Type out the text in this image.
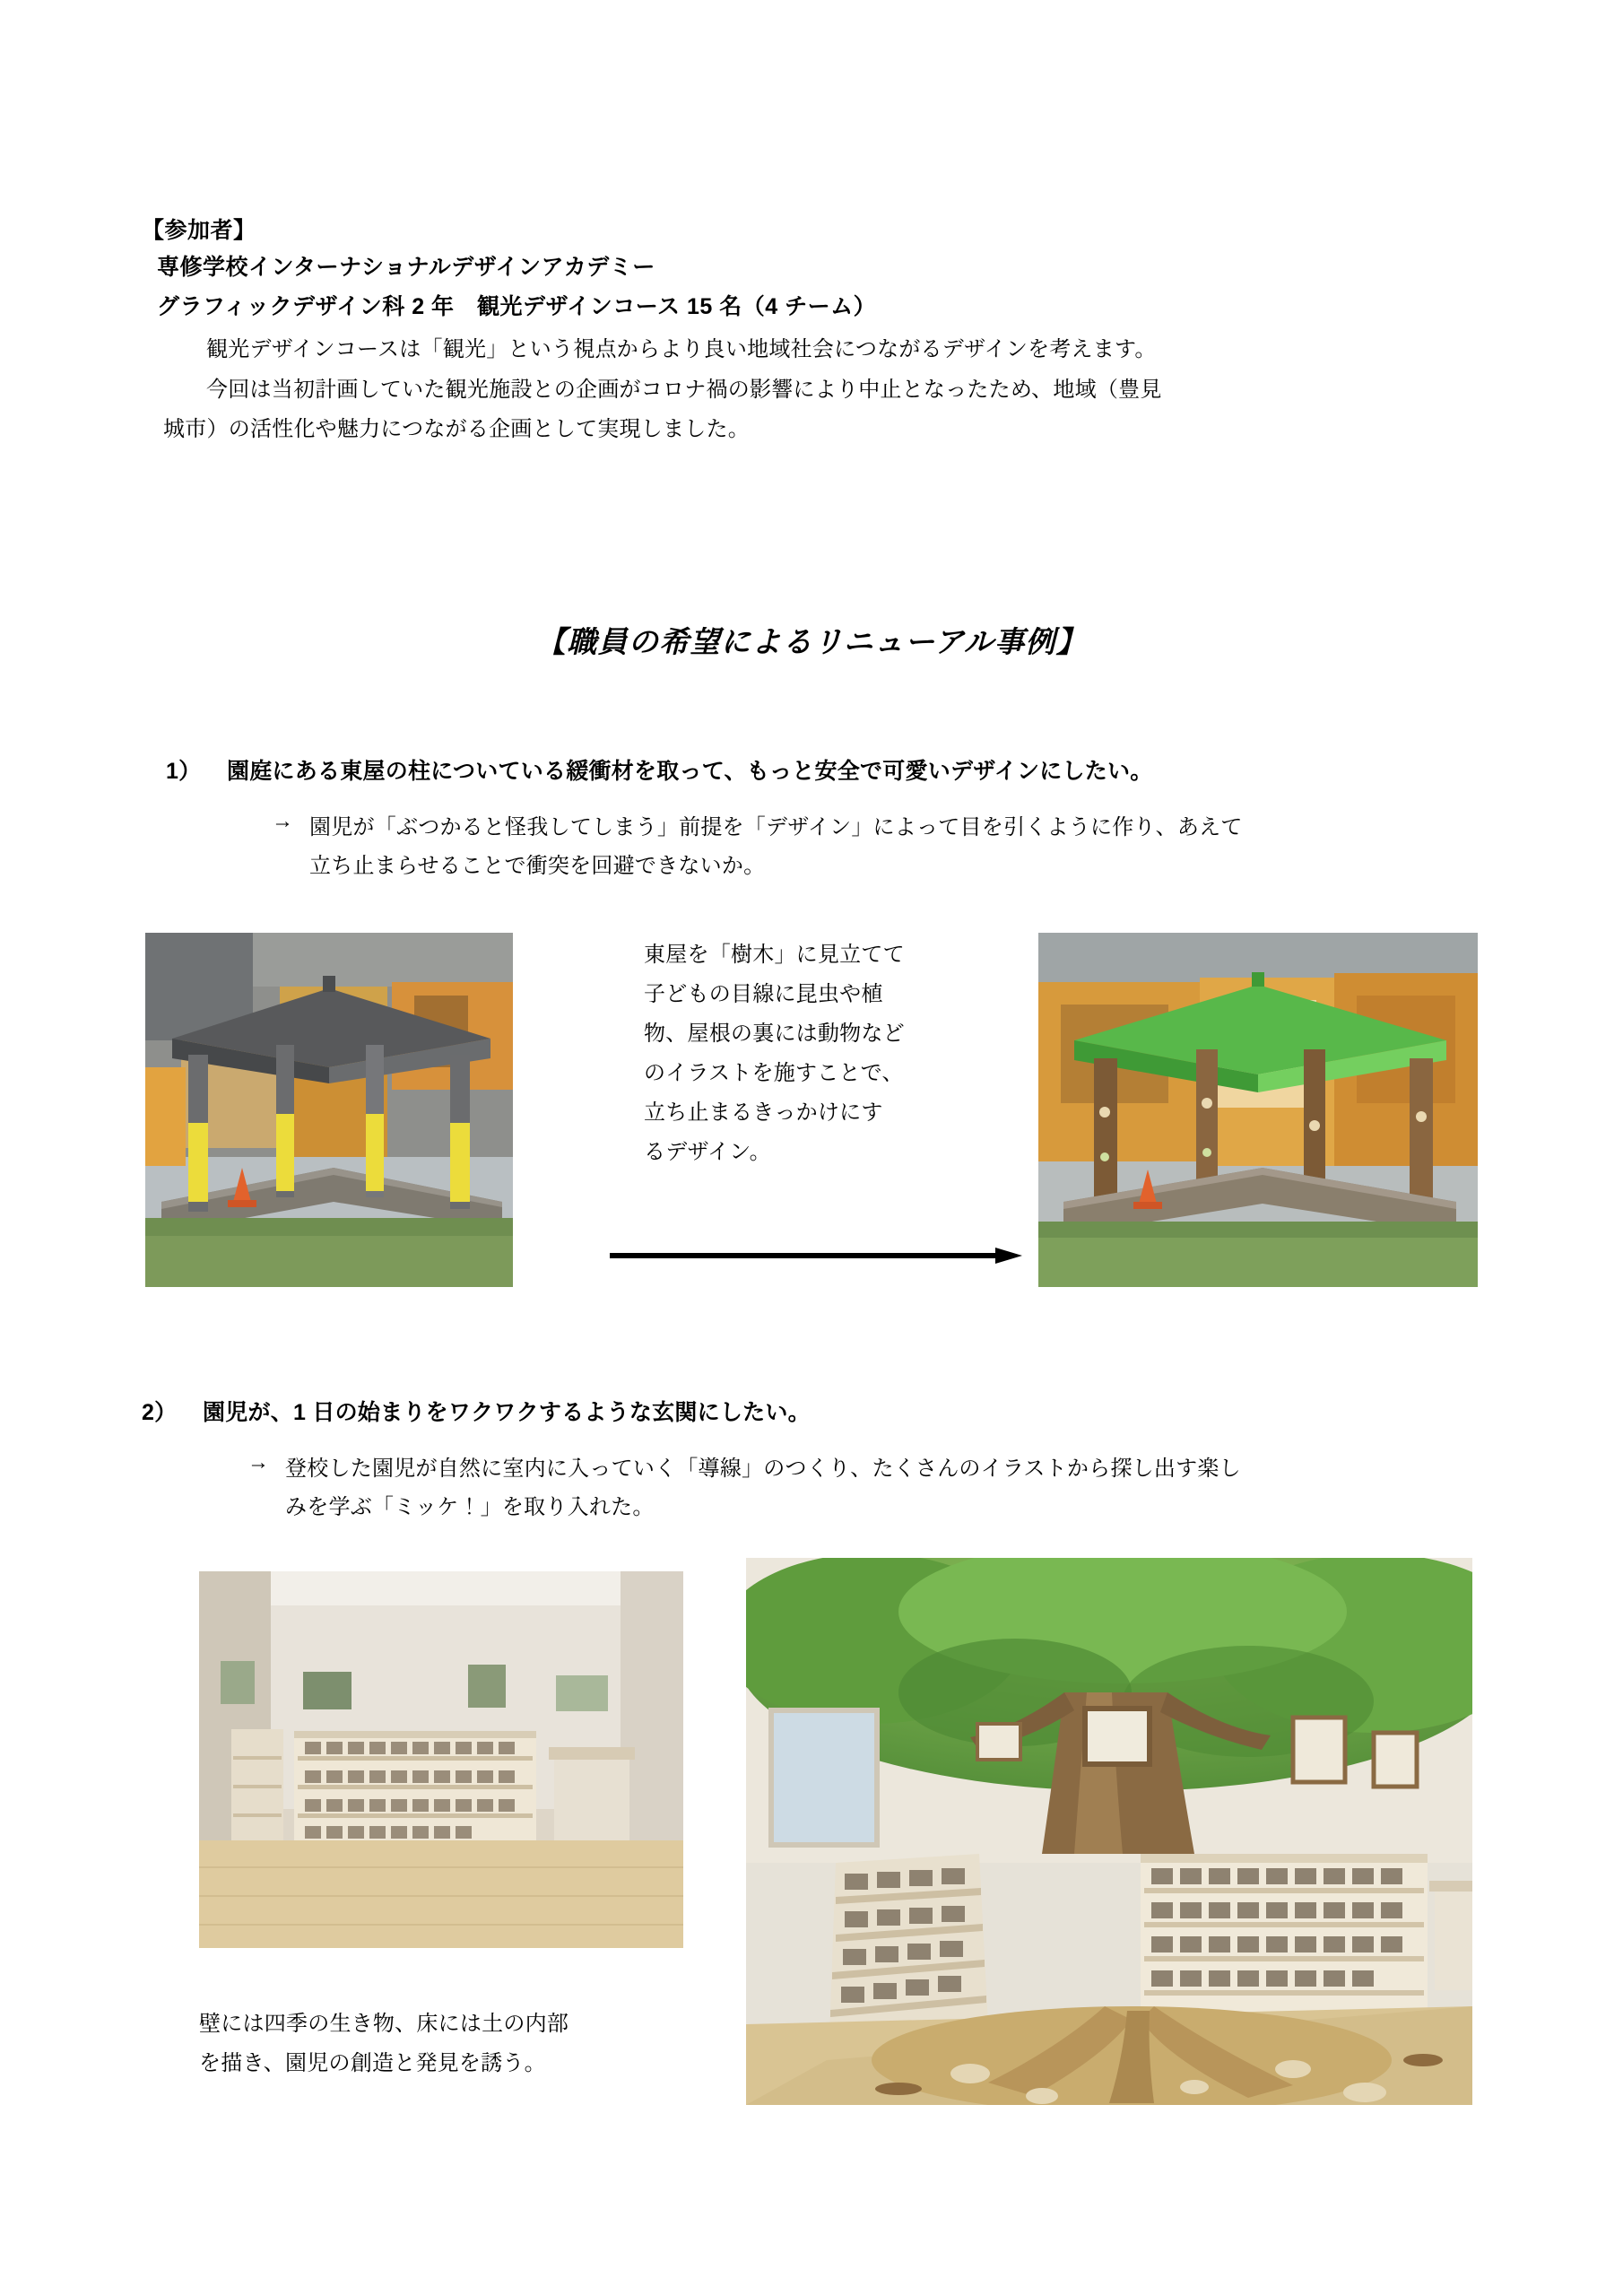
【参加者】
専修学校インターナショナルデザインアカデミー
グラフィックデザイン科 2 年　観光デザインコース 15 名（4 チーム）
観光デザインコースは「観光」という視点からより良い地域社会につながるデザインを考えます。
今回は当初計画していた観光施設との企画がコロナ禍の影響により中止となったため、地域（豊見
城市）の活性化や魅力につながる企画として実現しました。
【職員の希望によるリニューアル事例】
1） 園庭にある東屋の柱についている緩衝材を取って、もっと安全で可愛いデザインにしたい。
→ 園児が「ぶつかると怪我してしまう」前提を「デザイン」によって目を引くように作り、あえて
立ち止まらせることで衝突を回避できないか。
東屋を「樹木」に見立てて
子どもの目線に昆虫や植
物、屋根の裏には動物など
のイラストを施すことで、
立ち止まるきっかけにす
るデザイン。
2） 園児が、1 日の始まりをワクワクするような玄関にしたい。
→ 登校した園児が自然に室内に入っていく「導線」のつくり、たくさんのイラストから探し出す楽し
みを学ぶ「ミッケ！」を取り入れた。
壁には四季の生き物、床には土の内部
を描き、園児の創造と発見を誘う。
